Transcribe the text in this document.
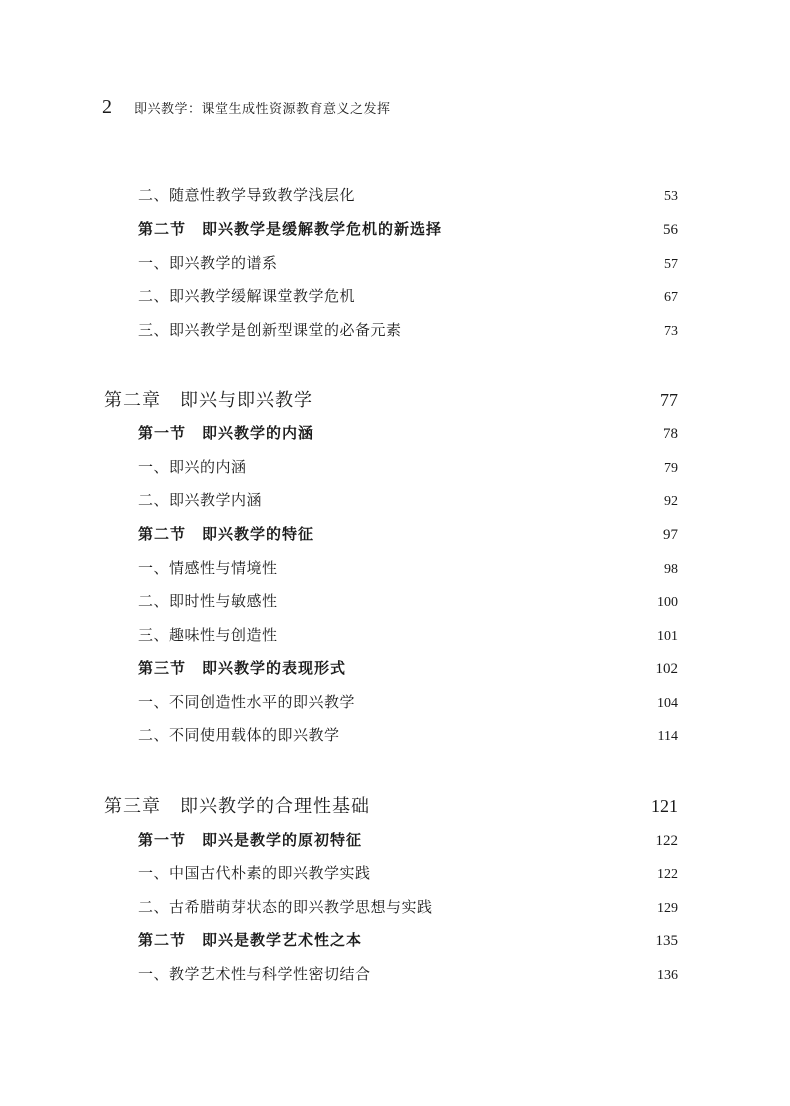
2 即兴教学：课堂生成性资源教育意义之发挥
二、随意性教学导致教学浅层化	53
第二节　即兴教学是缓解教学危机的新选择	56
一、即兴教学的谱系	57
二、即兴教学缓解课堂教学危机	67
三、即兴教学是创新型课堂的必备元素	73
第二章　即兴与即兴教学	77
第一节　即兴教学的内涵	78
一、即兴的内涵	79
二、即兴教学内涵	92
第二节　即兴教学的特征	97
一、情感性与情境性	98
二、即时性与敏感性	100
三、趣味性与创造性	101
第三节　即兴教学的表现形式	102
一、不同创造性水平的即兴教学	104
二、不同使用载体的即兴教学	114
第三章　即兴教学的合理性基础	121
第一节　即兴是教学的原初特征	122
一、中国古代朴素的即兴教学实践	122
二、古希腊萌芽状态的即兴教学思想与实践	129
第二节　即兴是教学艺术性之本	135
一、教学艺术性与科学性密切结合	136
